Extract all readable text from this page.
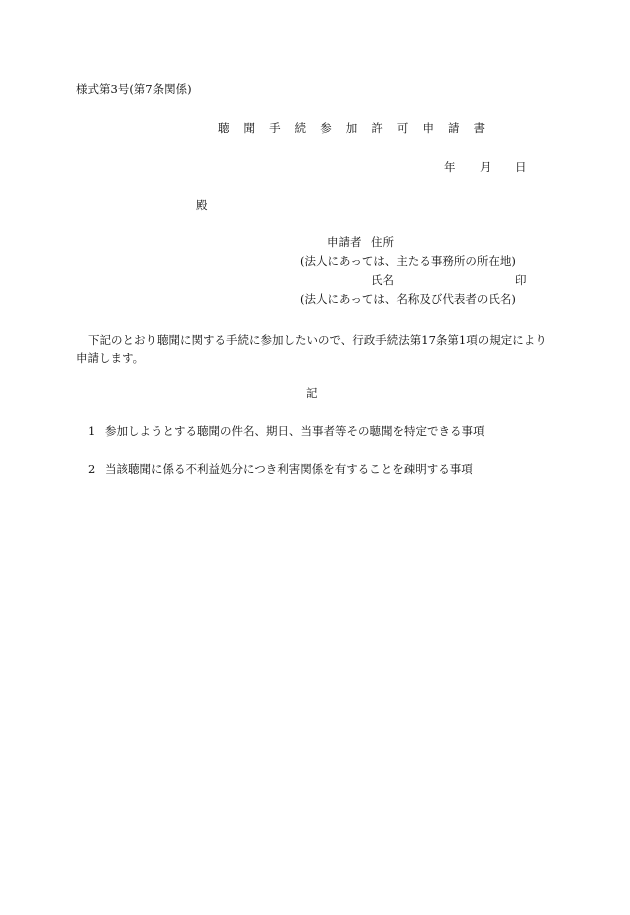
様式第3号(第7条関係)
聴 聞 手 続 参 加 許 可 申 請 書
年 月 日
殿
申請者 住所
(法人にあっては、主たる事務所の所在地)
氏名	印
(法人にあっては、名称及び代表者の氏名)
下記のとおり聴聞に関する手続に参加したいので、行政手続法第17条第1項の規定により申請します。
記
1 参加しようとする聴聞の件名、期日、当事者等その聴聞を特定できる事項
2 当該聴聞に係る不利益処分につき利害関係を有することを疎明する事項
